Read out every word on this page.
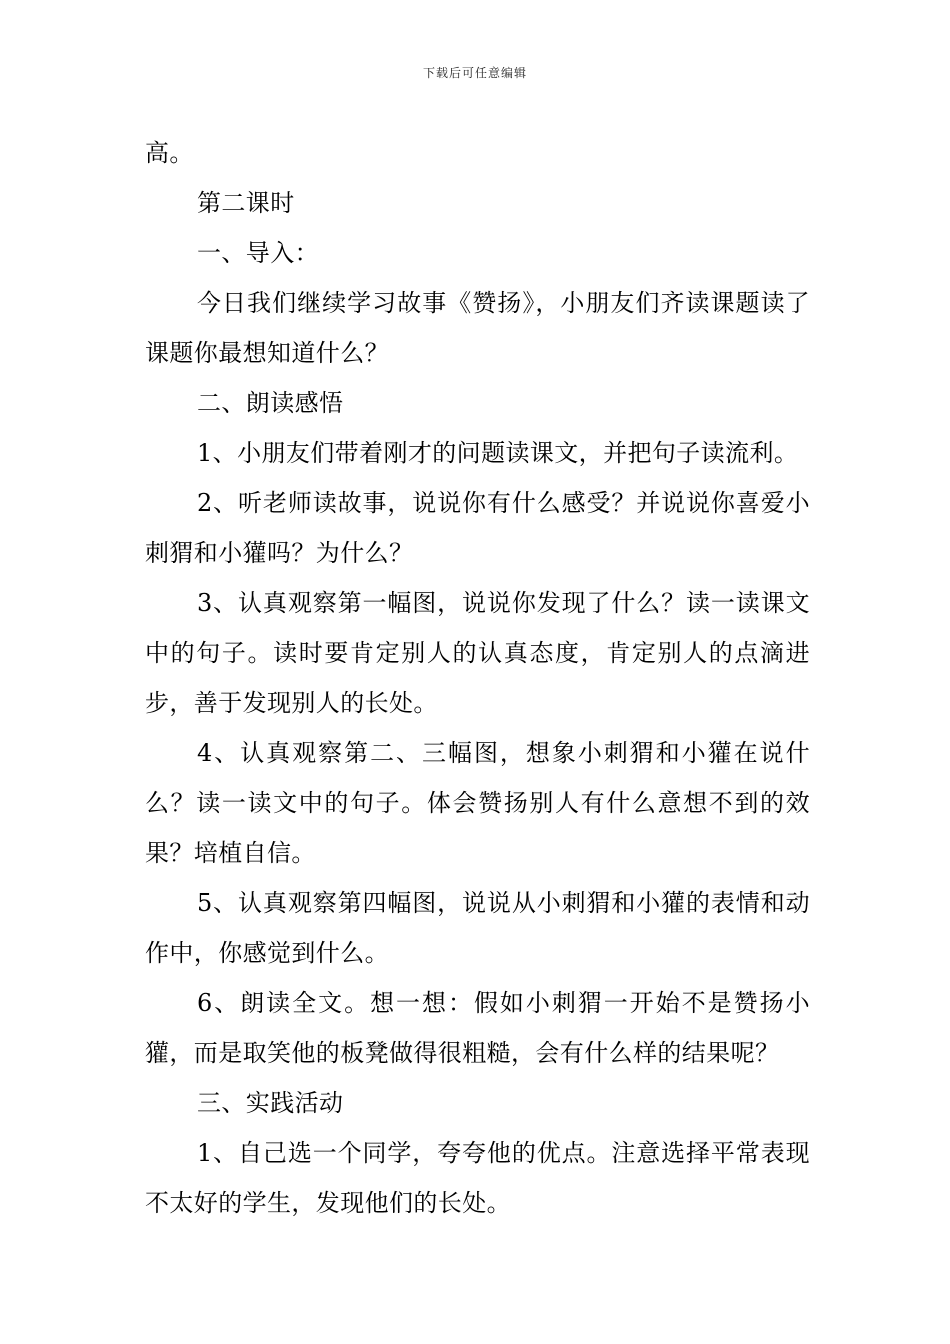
下载后可任意编辑

高。

第二课时

一、导入：

今日我们继续学习故事《赞扬》，小朋友们齐读课题读了课题你最想知道什么？

二、朗读感悟

1、小朋友们带着刚才的问题读课文，并把句子读流利。

2、听老师读故事，说说你有什么感受？并说说你喜爱小刺猬和小獾吗？为什么？

3、认真观察第一幅图，说说你发现了什么？读一读课文中的句子。读时要肯定别人的认真态度，肯定别人的点滴进步，善于发现别人的长处。

4、认真观察第二、三幅图，想象小刺猬和小獾在说什么？读一读文中的句子。体会赞扬别人有什么意想不到的效果？培植自信。

5、认真观察第四幅图，说说从小刺猬和小獾的表情和动作中，你感觉到什么。

6、朗读全文。想一想：假如小刺猬一开始不是赞扬小獾，而是取笑他的板凳做得很粗糙，会有什么样的结果呢？

三、实践活动

1、自己选一个同学，夸夸他的优点。注意选择平常表现不太好的学生，发现他们的长处。
